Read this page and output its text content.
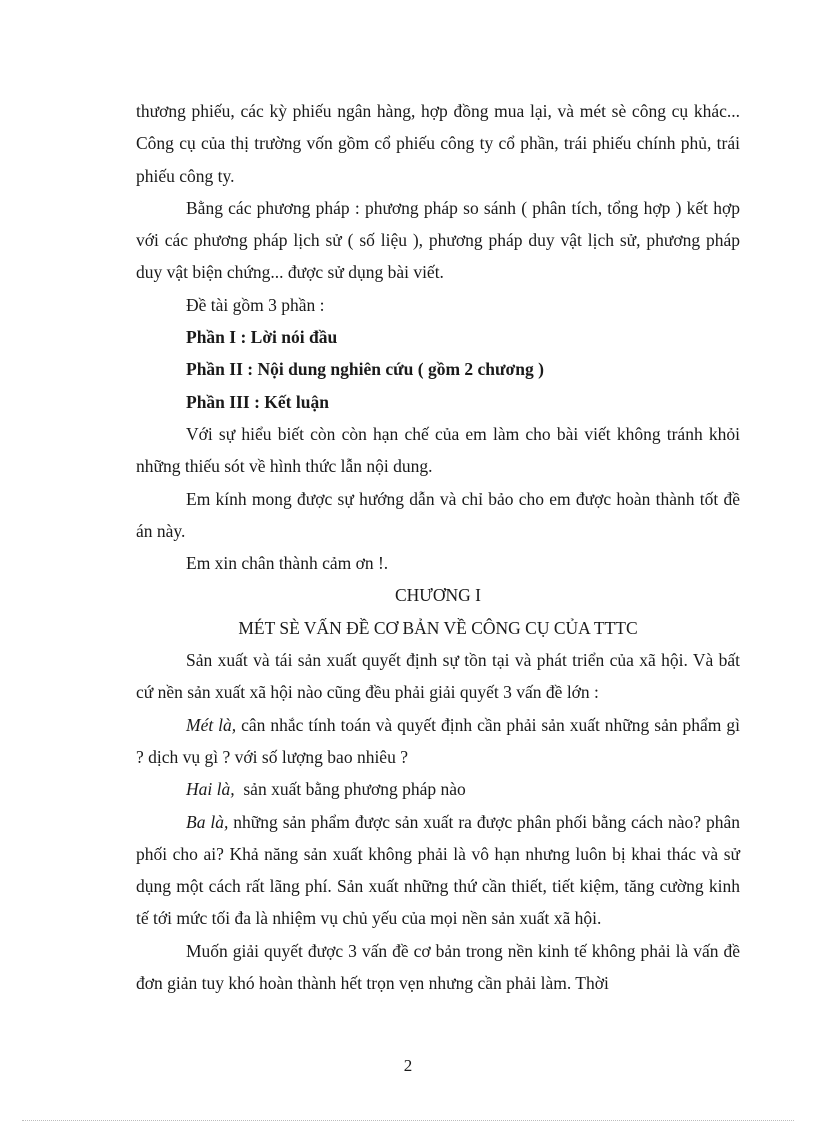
thương phiếu, các kỳ phiếu ngân hàng, hợp đồng mua lại, và mét sè công cụ khác... Công cụ của thị trường vốn gồm cổ phiếu công ty cổ phần, trái phiếu chính phủ, trái phiếu công ty.

Bằng các phương pháp : phương pháp so sánh ( phân tích, tổng hợp ) kết hợp với các phương pháp lịch sử ( số liệu ), phương pháp duy vật lịch sử, phương pháp duy vật biện chứng... được sử dụng bài viết.

Đề tài gồm 3 phần :

Phần I : Lời nói đầu

Phần II : Nội dung nghiên cứu ( gồm 2 chương )

Phần III : Kết luận

Với sự hiểu biết còn còn hạn chế của em làm cho bài viết không tránh khỏi những thiếu sót về hình thức lẫn nội dung.

Em kính mong được sự hướng dẫn và chỉ bảo cho em được hoàn thành tốt đề án này.

Em xin chân thành cảm ơn !.

CHƯƠNG I

MÉT SÈ VẤN ĐỀ CƠ BẢN VỀ CÔNG CỤ CỦA TTTC

Sản xuất và tái sản xuất quyết định sự tồn tại và phát triển của xã hội. Và bất cứ nền sản xuất xã hội nào cũng đều phải giải quyết 3 vấn đề lớn :

Mét là, cân nhắc tính toán và quyết định cần phải sản xuất những sản phẩm gì ? dịch vụ gì ? với số lượng bao nhiêu ?

Hai là,  sản xuất bằng phương pháp nào

Ba là, những sản phẩm được sản xuất ra được phân phối bằng cách nào? phân phối cho ai? Khả năng sản xuất không phải là vô hạn nhưng luôn bị khai thác và sử dụng một cách rất lãng phí. Sản xuất những thứ cần thiết, tiết kiệm, tăng cường kinh tế tới mức tối đa là nhiệm vụ chủ yếu của mọi nền sản xuất xã hội.

Muốn giải quyết được 3 vấn đề cơ bản trong nền kinh tế không phải là vấn đề đơn giản tuy khó hoàn thành hết trọn vẹn nhưng cần phải làm. Thời

2
